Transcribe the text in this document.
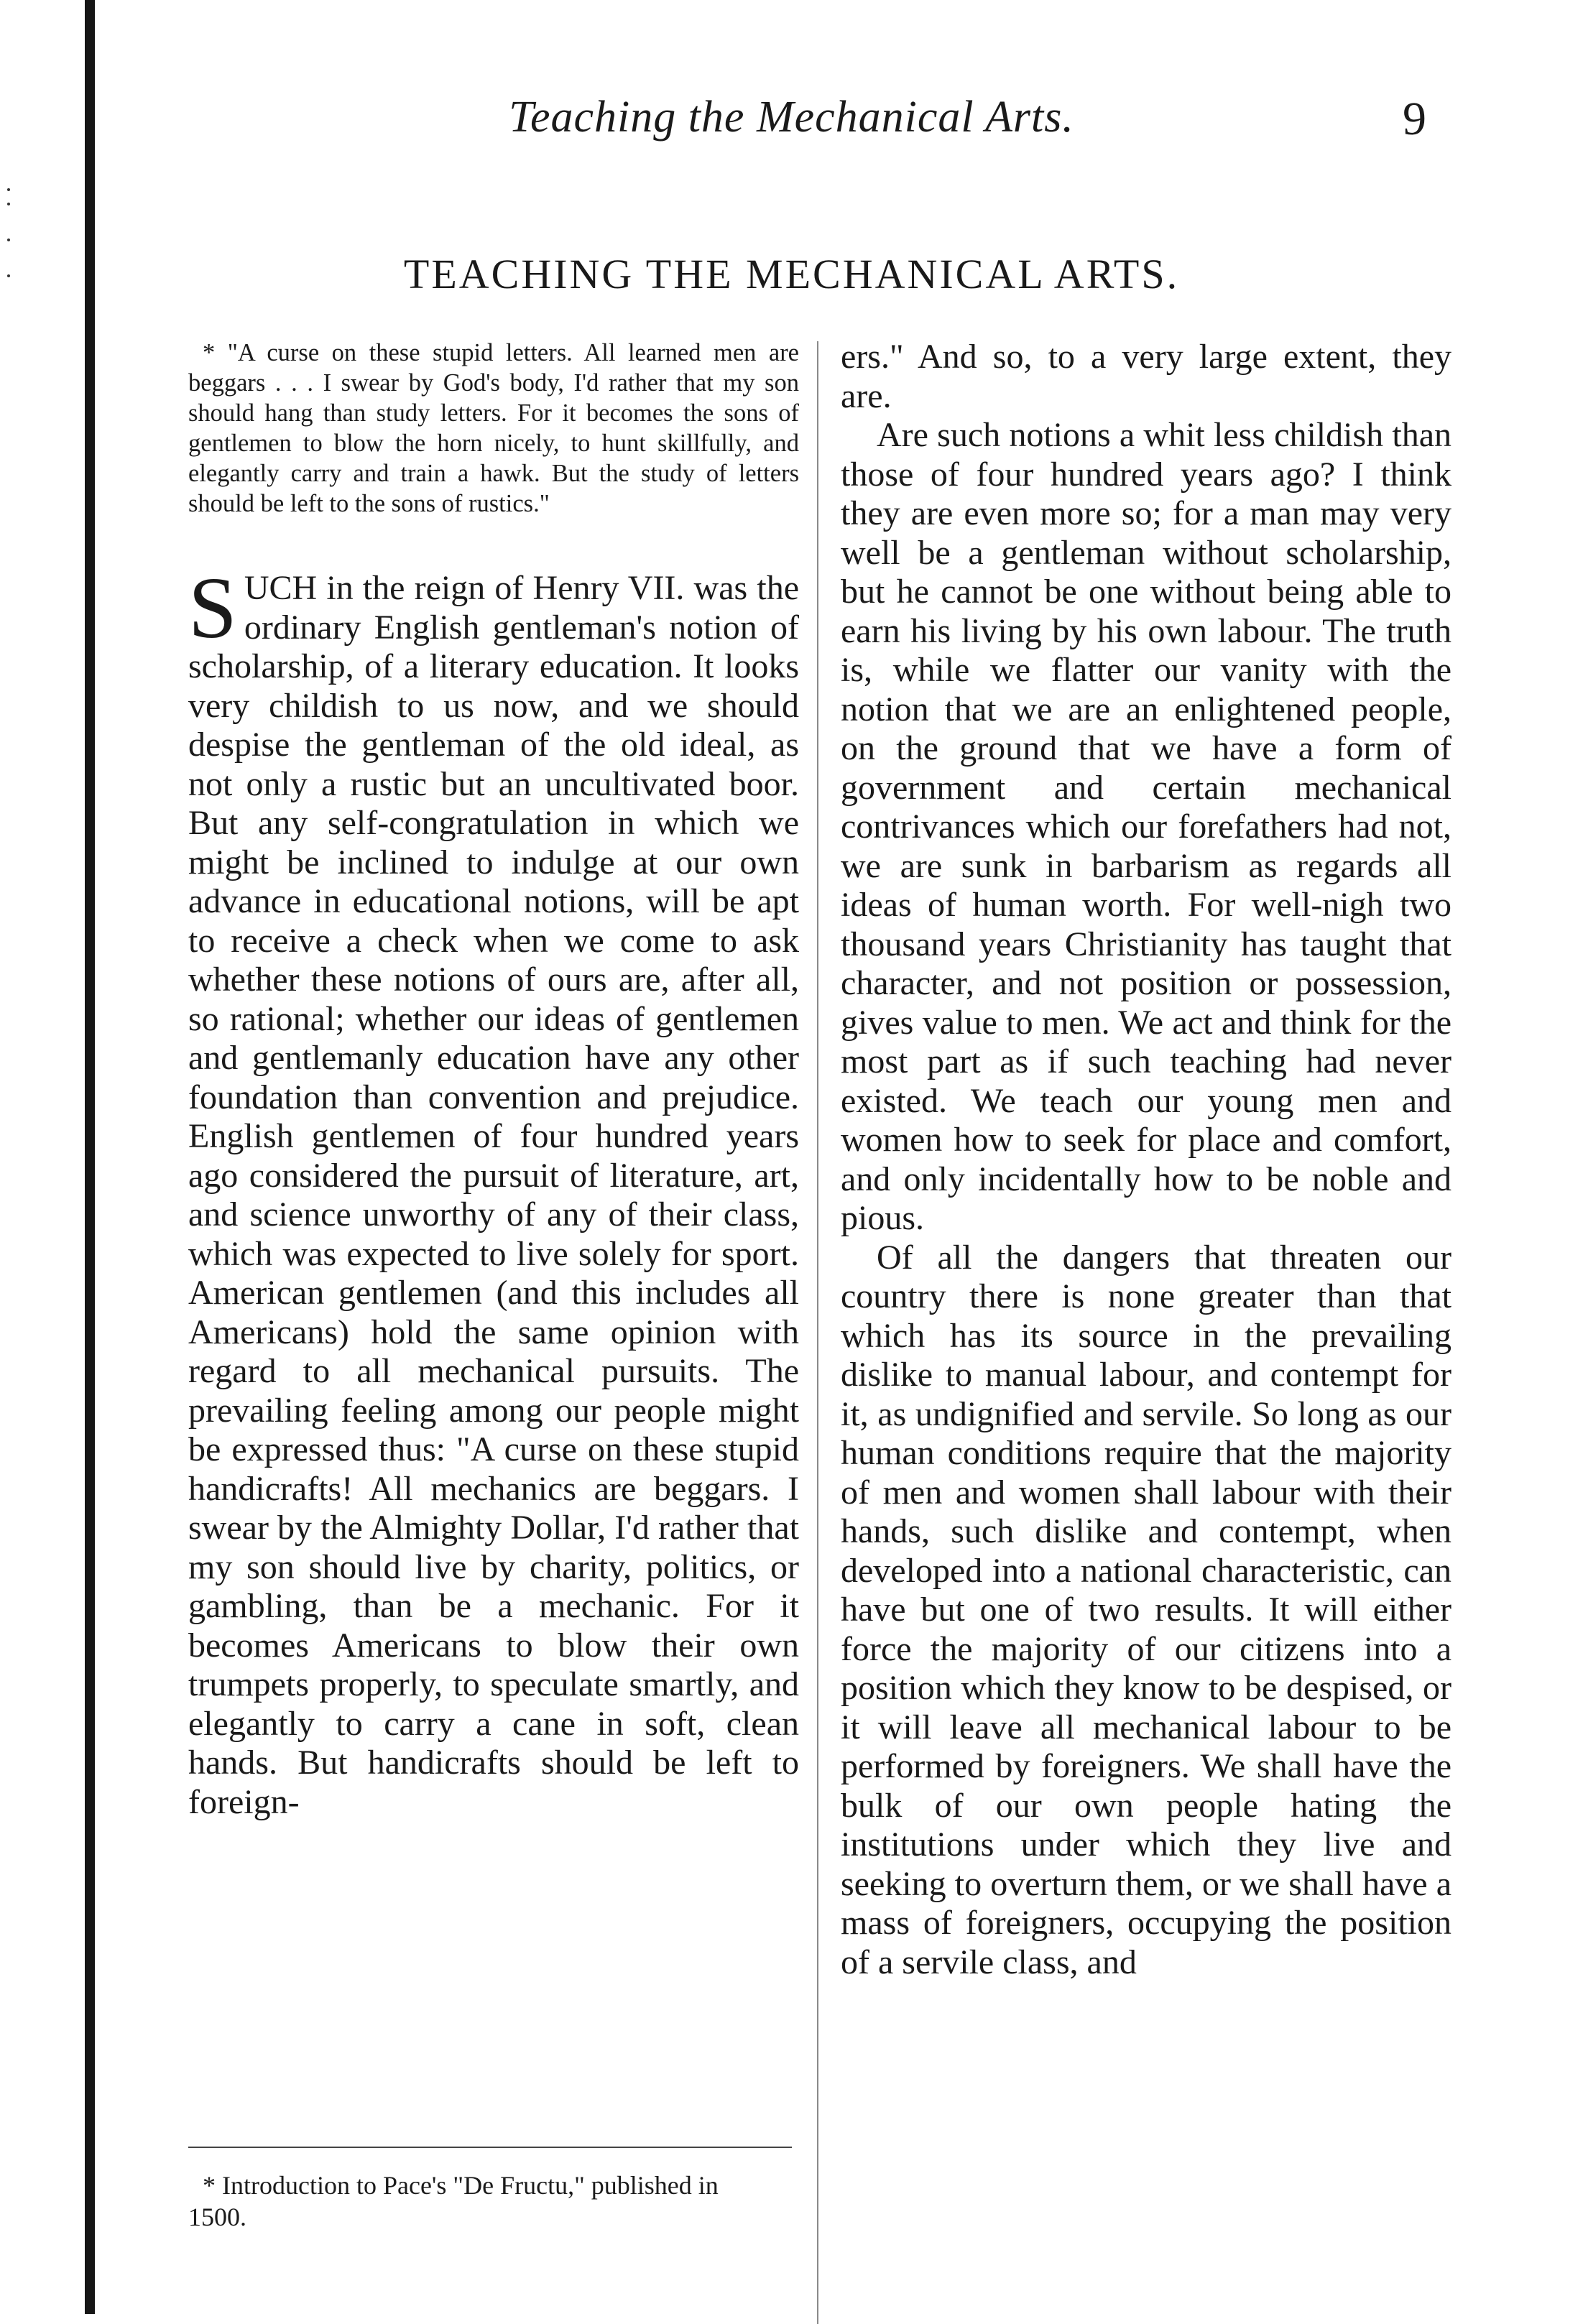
Teaching the Mechanical Arts.	9
TEACHING THE MECHANICAL ARTS.

* "A curse on these stupid letters. All learned men are beggars . . . I swear by God's body, I'd rather that my son should hang than study letters. For it becomes the sons of gentlemen to blow the horn nicely, to hunt skillfully, and elegantly carry and train a hawk. But the study of letters should be left to the sons of rustics."

SUCH in the reign of Henry VII. was the ordinary English gentleman's notion of scholarship, of a literary education. It looks very childish to us now, and we should despise the gentleman of the old ideal, as not only a rustic but an uncultivated boor. But any self-congratulation in which we might be inclined to indulge at our own advance in educational notions, will be apt to receive a check when we come to ask whether these notions of ours are, after all, so rational; whether our ideas of gentlemen and gentlemanly education have any other foundation than convention and prejudice. English gentlemen of four hundred years ago considered the pursuit of literature, art, and science unworthy of any of their class, which was expected to live solely for sport. American gentlemen (and this includes all Americans) hold the same opinion with regard to all mechanical pursuits. The prevailing feeling among our people might be expressed thus: "A curse on these stupid handicrafts! All mechanics are beggars. I swear by the Almighty Dollar, I'd rather that my son should live by charity, politics, or gambling, than be a mechanic. For it becomes Americans to blow their own trumpets properly, to speculate smartly, and elegantly to carry a cane in soft, clean hands. But handicrafts should be left to foreign-

ers." And so, to a very large extent, they are.

Are such notions a whit less childish than those of four hundred years ago? I think they are even more so; for a man may very well be a gentleman without scholarship, but he cannot be one without being able to earn his living by his own labour. The truth is, while we flatter our vanity with the notion that we are an enlightened people, on the ground that we have a form of government and certain mechanical contrivances which our forefathers had not, we are sunk in barbarism as regards all ideas of human worth. For well-nigh two thousand years Christianity has taught that character, and not position or possession, gives value to men. We act and think for the most part as if such teaching had never existed. We teach our young men and women how to seek for place and comfort, and only incidentally how to be noble and pious.

Of all the dangers that threaten our country there is none greater than that which has its source in the prevailing dislike to manual labour, and contempt for it, as undignified and servile. So long as our human conditions require that the majority of men and women shall labour with their hands, such dislike and contempt, when developed into a national characteristic, can have but one of two results. It will either force the majority of our citizens into a position which they know to be despised, or it will leave all mechanical labour to be performed by foreigners. We shall have the bulk of our own people hating the institutions under which they live and seeking to overturn them, or we shall have a mass of foreigners, occupying the position of a servile class, and

* Introduction to Pace's "De Fructu," published in 1500.
